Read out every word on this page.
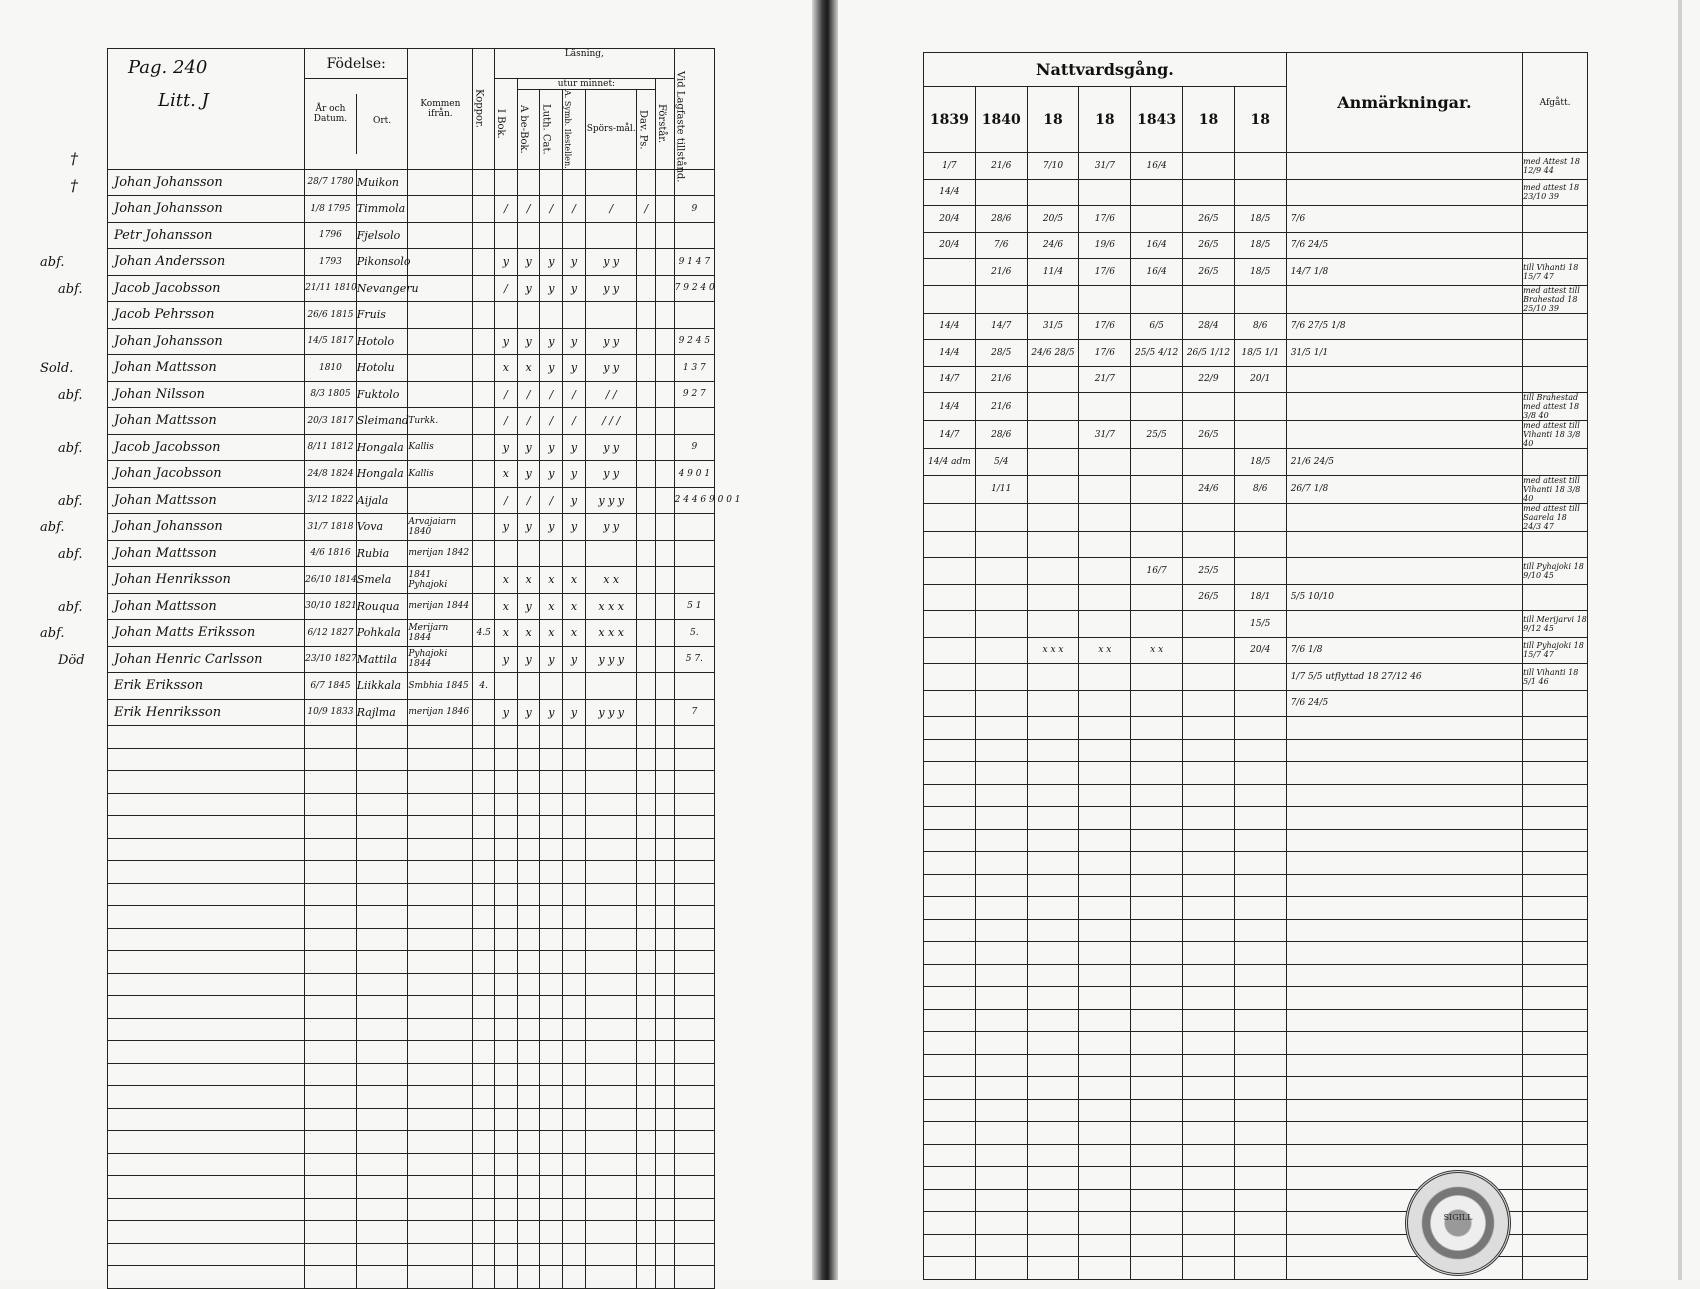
†
†
abf.
abf.
Sold.
abf.
abf.
abf.
abf.
abf.
abf.
abf.
Död
Pag. 240
Litt. J	Födelse:		Kommen ifrån.	Koppor.	Läsning,							Vid Lagfaste tillstånd.

	År och Datum. Ort.				I Bok.	utur minnet:					Förstår.	

						A be-Bok.	Luth. Cat.	A. Symb. Ilestellen.	Spörs-mål.	Dav. Ps.		

Johan Johansson	28/7 1780	Muikon										
Johan Johansson	1/8 1795	Timmola			/	/	/	/	/	/		9
Petr Johansson	1796	Fjelsolo										
Johan Andersson	1793	Pikonsolo			y	y	y	y	y y			9 1 4 7
Jacob Jacobsson	21/11 1810	Nevangeru			/	y	y	y	y y			7 9 2 4 0
Jacob Pehrsson	26/6 1815	Fruis										
Johan Johansson	14/5 1817	Hotolo			y	y	y	y	y y			9 2 4 5
Johan Mattsson	1810	Hotolu			x	x	y	y	y y			1 3 7
Johan Nilsson	8/3 1805	Fuktolo			/	/	/	/	/ /			9 2 7
Johan Mattsson	20/3 1817	Sleimand	Turkk.		/	/	/	/	/ / /			
Jacob Jacobsson	8/11 1812	Hongala	Kallis		y	y	y	y	y y			9
Johan Jacobsson	24/8 1824	Hongala	Kallis		x	y	y	y	y y			4 9 0 1
Johan Mattsson	3/12 1822	Aijala			/	/	/	y	y y y			2 4 4 6 9 0 0 1
Johan Johansson	31/7 1818	Vova	Arvajaiarn 1840		y	y	y	y	y y			
Johan Mattsson	4/6 1816	Rubia	merijan 1842									
Johan Henriksson	26/10 1814	Smela	1841 Pyhajoki		x	x	x	x	x x			
Johan Mattsson	30/10 1821	Rouqua	merijan 1844		x	y	x	x	x x x			5 1
Johan Matts Eriksson	6/12 1827	Pohkala	Merijarn 1844	4.5	x	x	x	x	x x x			5.
Johan Henric Carlsson	23/10 1827	Mattila	Pyhajoki 1844		y	y	y	y	y y y			5 7.
Erik Eriksson	6/7 1845	Liikkala	Smbhia 1845	4.								
Erik Henriksson	10/9 1833	Rajlma	merijan 1846		y	y	y	y	y y y			7

Nattvardsgång.							Anmärkningar.	Afgått.
1839	1840	18	18	1843	18	18		
1/7	21/6	7/10	31/7	16/4				med Attest 18 12/9 44
14/4								med attest 18 23/10 39
20/4	28/6	20/5	17/6		26/5	18/5	7/6	
20/4	7/6	24/6	19/6	16/4	26/5	18/5	7/6 24/5	
	21/6	11/4	17/6	16/4	26/5	18/5	14/7 1/8	till Vihanti 18 15/7 47
								med attest till Brahestad 18 25/10 39
14/4	14/7	31/5	17/6	6/5	28/4	8/6	7/6 27/5 1/8	
14/4	28/5	24/6 28/5	17/6	25/5 4/12	26/5 1/12	18/5 1/1	31/5 1/1	
14/7	21/6		21/7		22/9	20/1		
14/4	21/6							till Brahestad med attest 18 3/8 40
14/7	28/6		31/7	25/5	26/5			med attest till Vihanti 18 3/8 40
14/4 adm	5/4					18/5	21/6 24/5	
	1/11				24/6	8/6	26/7 1/8	med attest till Vihanti 18 3/8 40
								med attest till Saarela 18 24/3 47

				16/7	25/5			till Pyhajoki 18 9/10 45
					26/5	18/1	5/5 10/10	
						15/5		till Merijarvi 18 9/12 45
		x x x	x x	x x		20/4	7/6 1/8	till Pyhajoki 18 15/7 47
							1/7 5/5 utflyttad 18 27/12 46	till Vihanti 18 5/1 46
							7/6 24/5	

SIGILL
